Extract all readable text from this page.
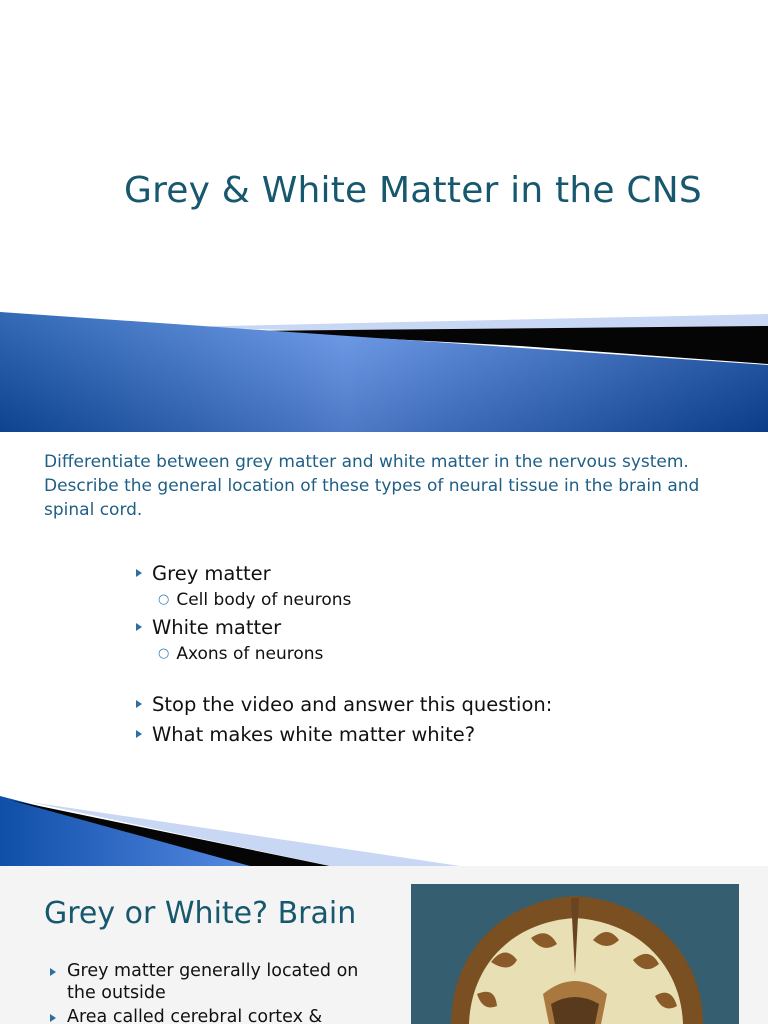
Grey & White Matter in the CNS
Differentiate between grey matter and white matter in the nervous system. Describe the general location of these types of neural tissue in the brain and spinal cord.
Grey matter
○ Cell body of neurons
White matter
○ Axons of neurons
Stop the video and answer this question:
What makes white matter white?
Grey or White? Brain
Grey matter generally located on the outside
Area called cerebral cortex &
